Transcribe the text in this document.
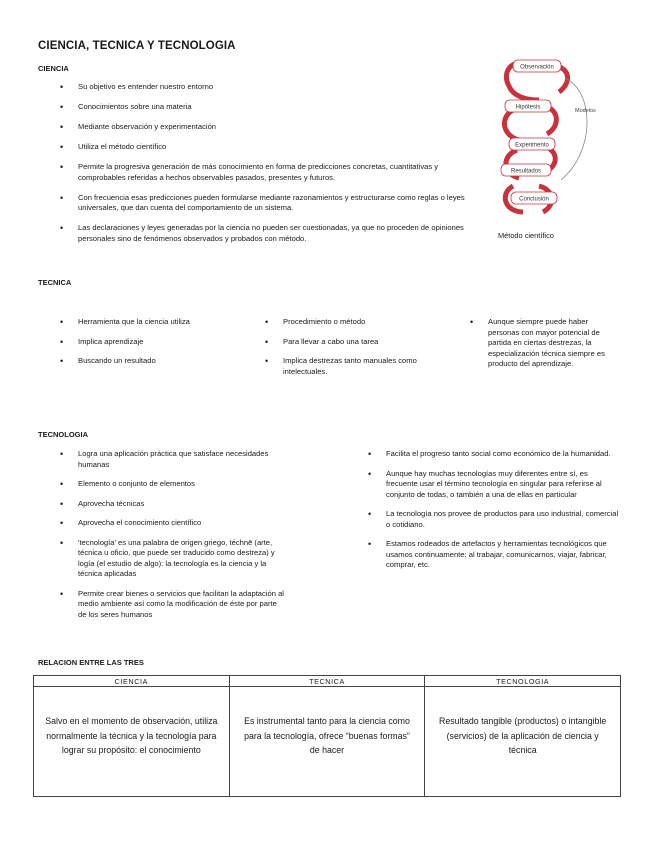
CIENCIA, TECNICA Y TECNOLOGIA
CIENCIA
• Su objetivo es entender nuestro entorno
• Conocimientos sobre una materia
• Mediante observación y experimentación
• Utiliza el método científico
• Permite la progresiva generación de más conocimiento en forma de predicciones concretas, cuantitativas y comprobables referidas a hechos observables pasados, presentes y futuros.
• Con frecuencia esas predicciones pueden formularse mediante razonamientos y estructurarse como reglas o leyes universales, que dan cuenta del comportamiento de un sistema.
• Las declaraciones y leyes generadas por la ciencia no pueden ser cuestionadas, ya que no proceden de opiniones personales sino de fenómenos observados y probados con método.
Observación
Hipótesis
Experimento
Resultados
Conclusión
Modelos
Método científico
TECNICA
• Herramienta que la ciencia utiliza
• Implica aprendizaje
• Buscando un resultado
• Procedimiento o método
• Para llevar a cabo una tarea
• Implica destrezas tanto manuales como intelectuales.
• Aunque siempre puede haber personas con mayor potencial de partida en ciertas destrezas, la especialización técnica siempre es producto del aprendizaje.
TECNOLOGIA
• Logra una aplicación práctica que satisface necesidades humanas
• Elemento o conjunto de elementos
• Aprovecha técnicas
• Aprovecha el conocimiento científico
• 'tecnología' es una palabra de origen griego, téchnē (arte, técnica u oficio, que puede ser traducido como destreza) y logía (el estudio de algo): la tecnología es la ciencia y la técnica aplicadas
• Permite crear bienes o servicios que facilitan la adaptación al medio ambiente así como la modificación de éste por parte de los seres humanos
• Facilita el progreso tanto social como económico de la humanidad.
• Aunque hay muchas tecnologías muy diferentes entre sí, es frecuente usar el término tecnología en singular para referirse al conjunto de todas, o también a una de ellas en particular
• La tecnología nos provee de productos para uso industrial, comercial o cotidiano.
• Estamos rodeados de artefactos y herramientas tecnológicos que usamos continuamente: al trabajar, comunicarnos, viajar, fabricar, comprar, etc.
RELACION ENTRE LAS TRES
CIENCIA	TECNICA	TECNOLOGIA
Salvo en el momento de observación, utiliza normalmente la técnica y la tecnología para lograr su propósito: el conocimiento	Es instrumental tanto para la ciencia como para la tecnología, ofrece “buenas formas” de hacer	Resultado tangible (productos) o intangible (servicios) de la aplicación de ciencia y técnica
